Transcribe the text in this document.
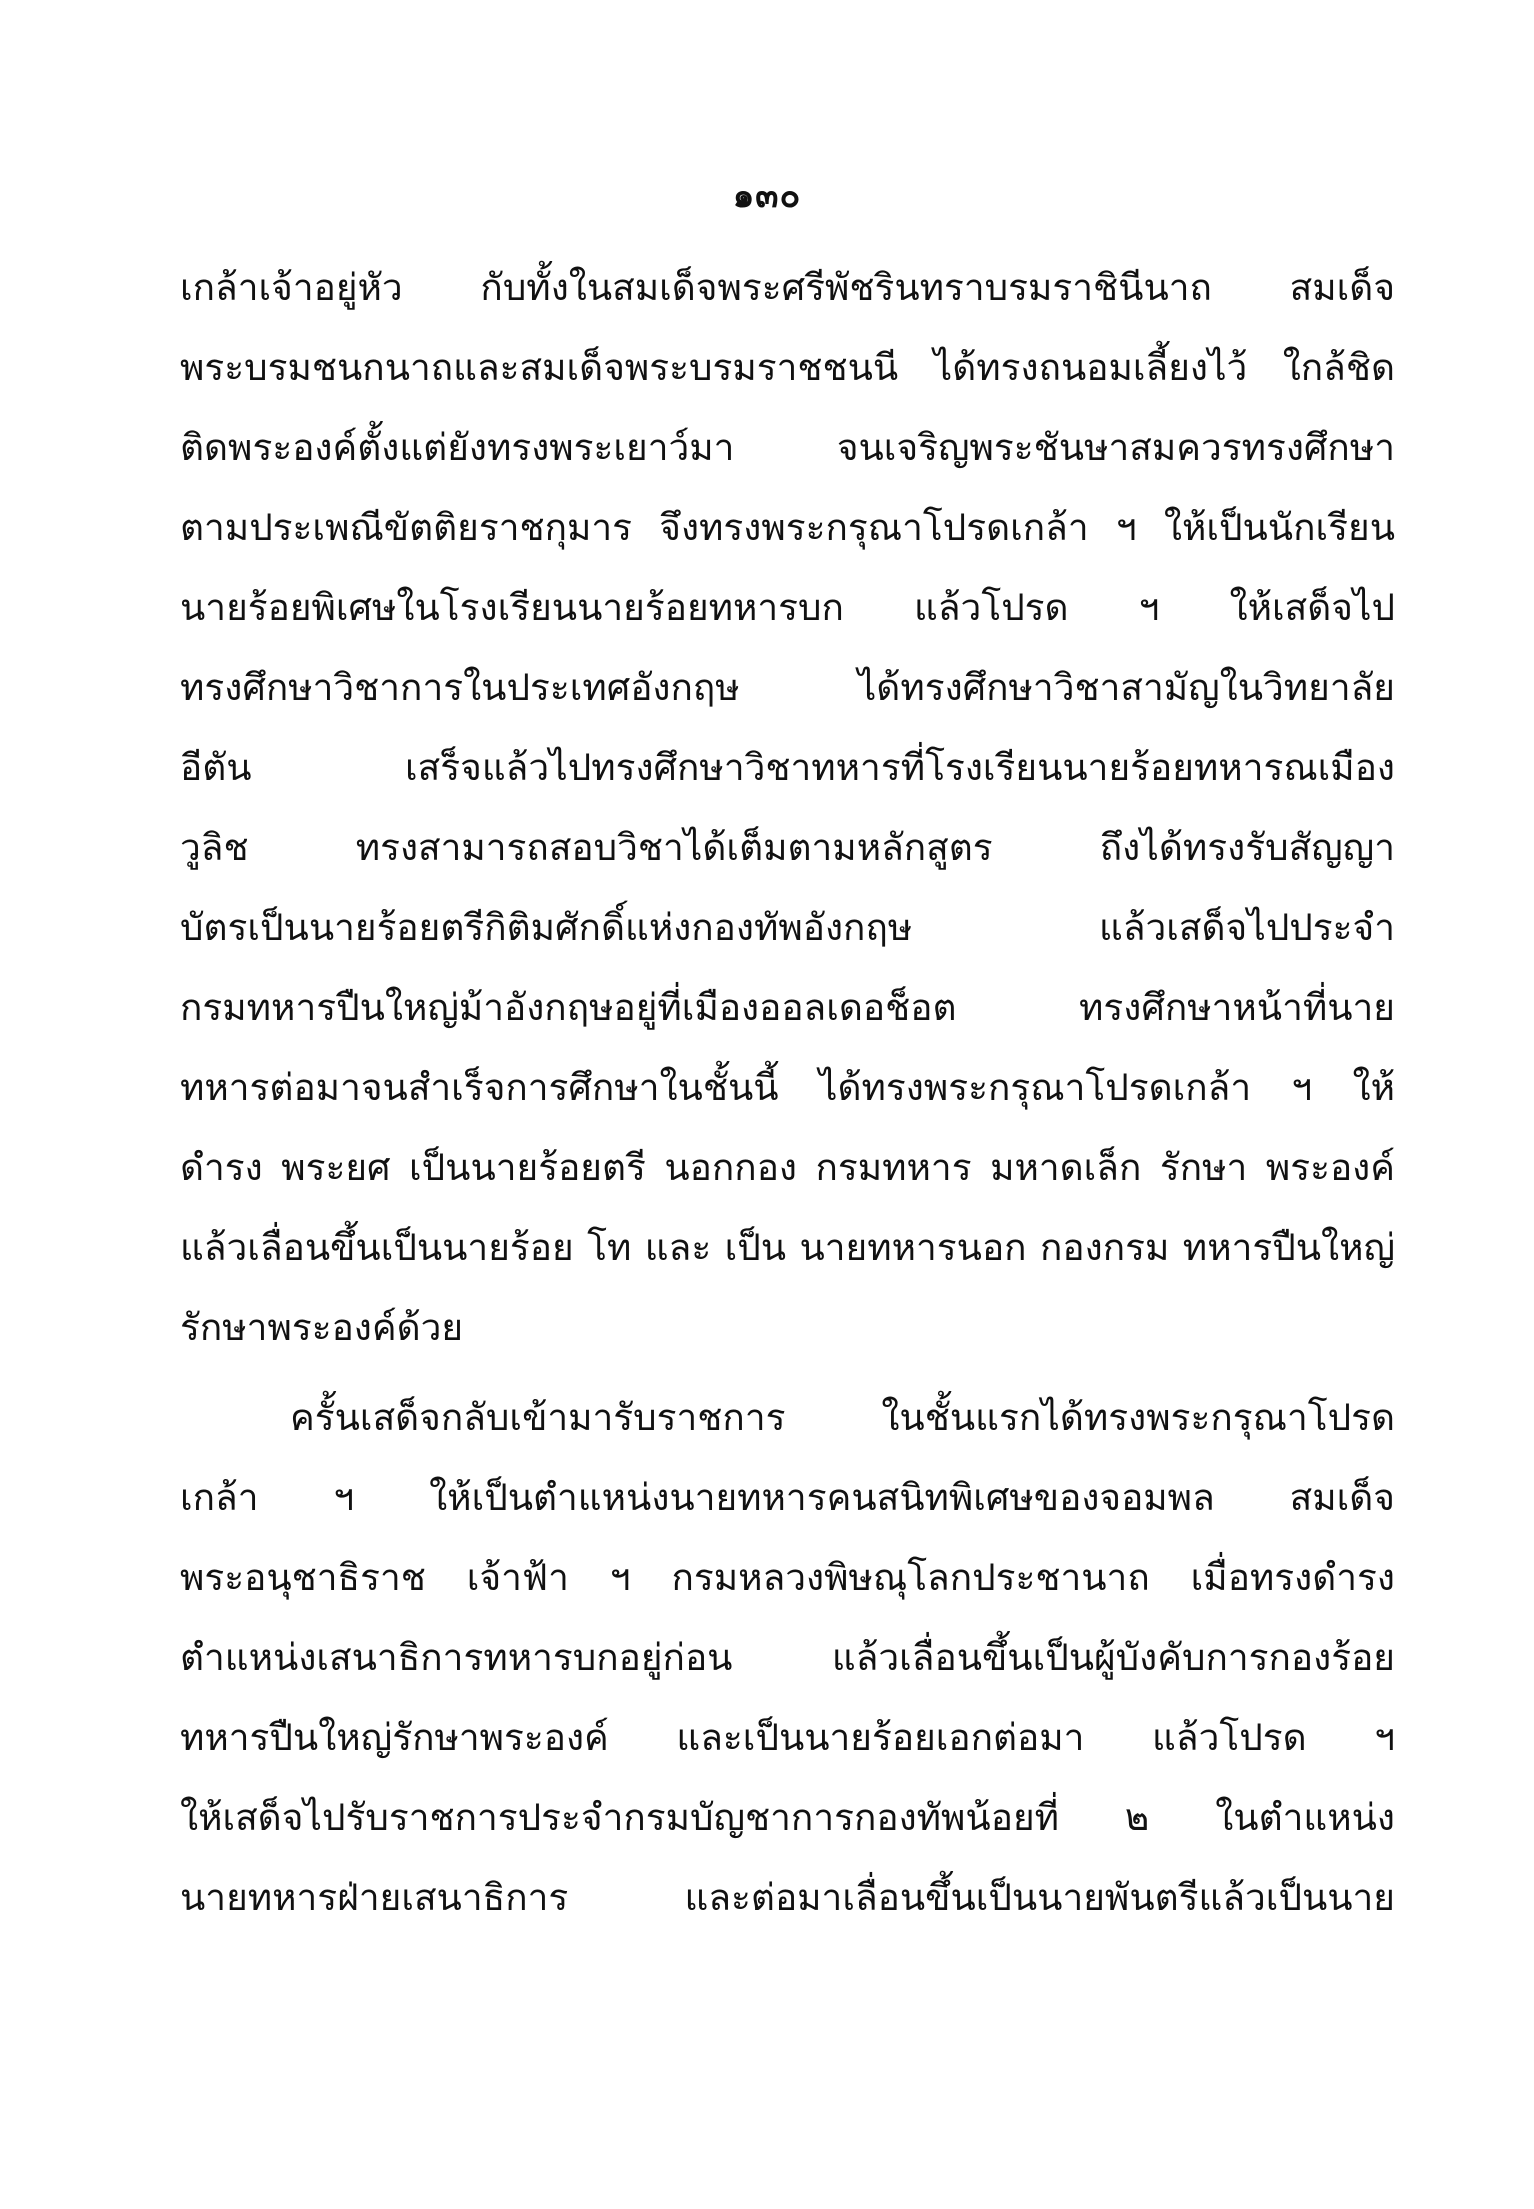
๑๓๐
เกล้าเจ้าอยู่หัว กับทั้งในสมเด็จพระศรีพัชรินทราบรมราชินีนาถ สมเด็จ
พระบรมชนกนาถและสมเด็จพระบรมราชชนนี ได้ทรงถนอมเลี้ยงไว้ ใกล้ชิด
ติดพระองค์ตั้งแต่ยังทรงพระเยาว์มา จนเจริญพระชันษาสมควรทรงศึกษา
ตามประเพณีขัตติยราชกุมาร จึงทรงพระกรุณาโปรดเกล้า ฯ ให้เป็นนักเรียน
นายร้อยพิเศษในโรงเรียนนายร้อยทหารบก แล้วโปรด ฯ ให้เสด็จไป
ทรงศึกษาวิชาการในประเทศอังกฤษ ได้ทรงศึกษาวิชาสามัญในวิทยาลัย
อีตัน เสร็จแล้วไปทรงศึกษาวิชาทหารที่โรงเรียนนายร้อยทหารณเมือง
วูลิช ทรงสามารถสอบวิชาได้เต็มตามหลักสูตร ถึงได้ทรงรับสัญญา
บัตรเป็นนายร้อยตรีกิติมศักดิ์แห่งกองทัพอังกฤษ แล้วเสด็จไปประจำ
กรมทหารปืนใหญ่ม้าอังกฤษอยู่ที่เมืองออลเดอช็อต ทรงศึกษาหน้าที่นาย
ทหารต่อมาจนสำเร็จการศึกษาในชั้นนี้ ได้ทรงพระกรุณาโปรดเกล้า ฯ ให้
ดำรง พระยศ เป็นนายร้อยตรี นอกกอง กรมทหาร มหาดเล็ก รักษา พระองค์
แล้วเลื่อนขึ้นเป็นนายร้อย โท และ เป็น นายทหารนอก กองกรม ทหารปืนใหญ่
รักษาพระองค์ด้วย
ครั้นเสด็จกลับเข้ามารับราชการ ในชั้นแรกได้ทรงพระกรุณาโปรด
เกล้า ฯ ให้เป็นตำแหน่งนายทหารคนสนิทพิเศษของจอมพล สมเด็จ
พระอนุชาธิราช เจ้าฟ้า ฯ กรมหลวงพิษณุโลกประชานาถ เมื่อทรงดำรง
ตำแหน่งเสนาธิการทหารบกอยู่ก่อน แล้วเลื่อนขึ้นเป็นผู้บังคับการกองร้อย
ทหารปืนใหญ่รักษาพระองค์ และเป็นนายร้อยเอกต่อมา แล้วโปรด ฯ
ให้เสด็จไปรับราชการประจำกรมบัญชาการกองทัพน้อยที่ ๒ ในตำแหน่ง
นายทหารฝ่ายเสนาธิการ และต่อมาเลื่อนขึ้นเป็นนายพันตรีแล้วเป็นนาย
